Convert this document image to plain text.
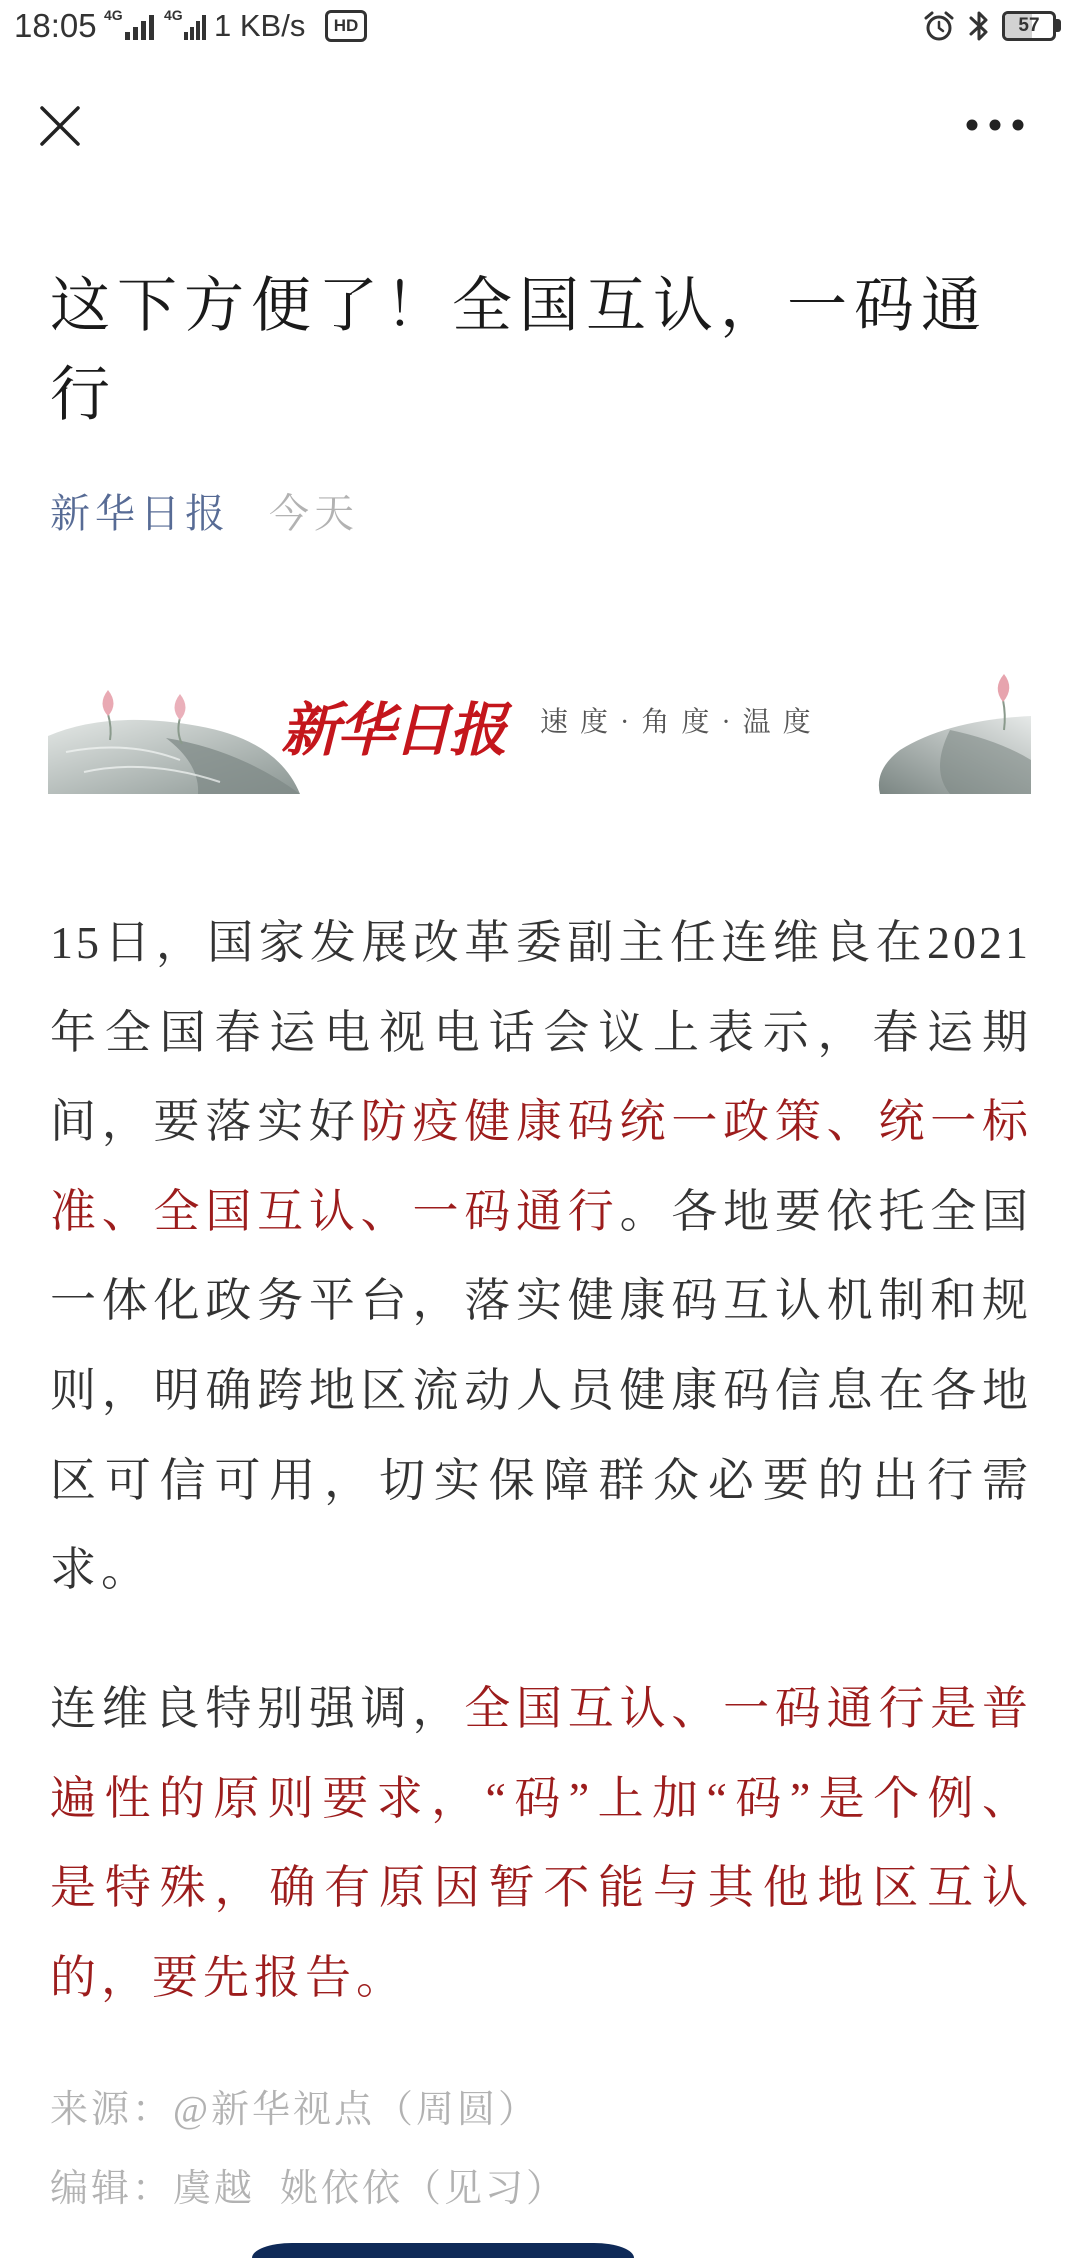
18:05 4G	4G 1 KB/s	HD	57
这下方便了！全国互认，一码通行
新华日报 今天
新华日报 速度·角度·温度
15日，国家发展改革委副主任连维良在2021
年全国春运电视电话会议上表示，春运期
间，要落实好防疫健康码统一政策、统一标
准、全国互认、一码通行。各地要依托全国
一体化政务平台，落实健康码互认机制和规
则，明确跨地区流动人员健康码信息在各地
区可信可用，切实保障群众必要的出行需
求。
连维良特别强调，全国互认、一码通行是普
遍性的原则要求，“码”上加“码”是个例、
是特殊，确有原因暂不能与其他地区互认
的，要先报告。
来源：@新华视点（周圆）
编辑：虞越  姚依依（见习）
